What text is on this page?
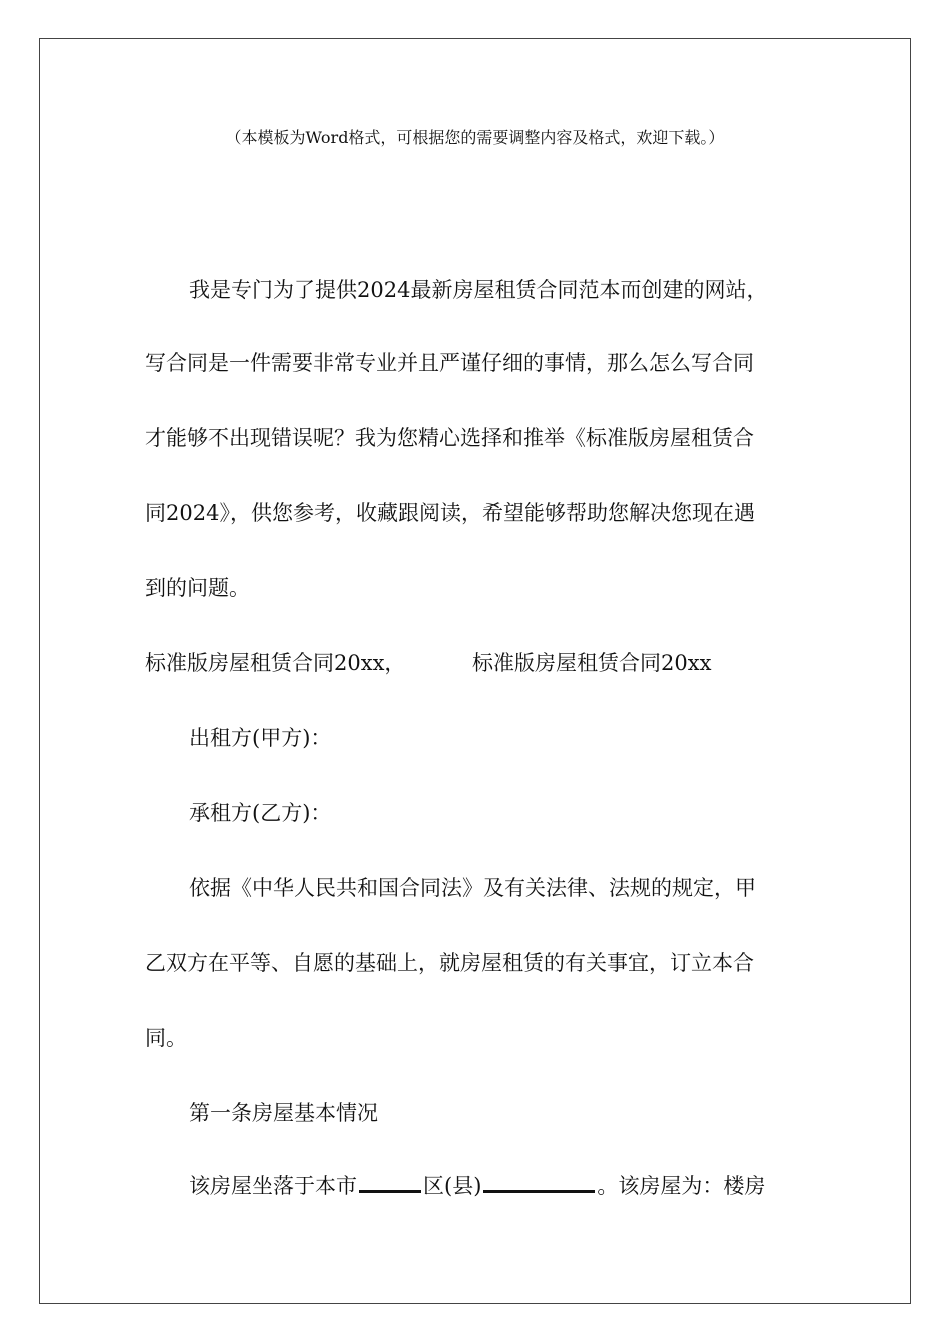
（本模板为Word格式，可根据您的需要调整内容及格式，欢迎下载。）
我是专门为了提供2024最新房屋租赁合同范本而创建的网站，
写合同是一件需要非常专业并且严谨仔细的事情，那么怎么写合同
才能够不出现错误呢？我为您精心选择和推举《标准版房屋租赁合
同2024》，供您参考，收藏跟阅读，希望能够帮助您解决您现在遇
到的问题。
标准版房屋租赁合同20xx，	标准版房屋租赁合同20xx
出租方(甲方)：
承租方(乙方)：
依据《中华人民共和国合同法》及有关法律、法规的规定，甲
乙双方在平等、自愿的基础上，就房屋租赁的有关事宜，订立本合
同。
第一条房屋基本情况
该房屋坐落于本市	区(县)	。该房屋为：楼房
